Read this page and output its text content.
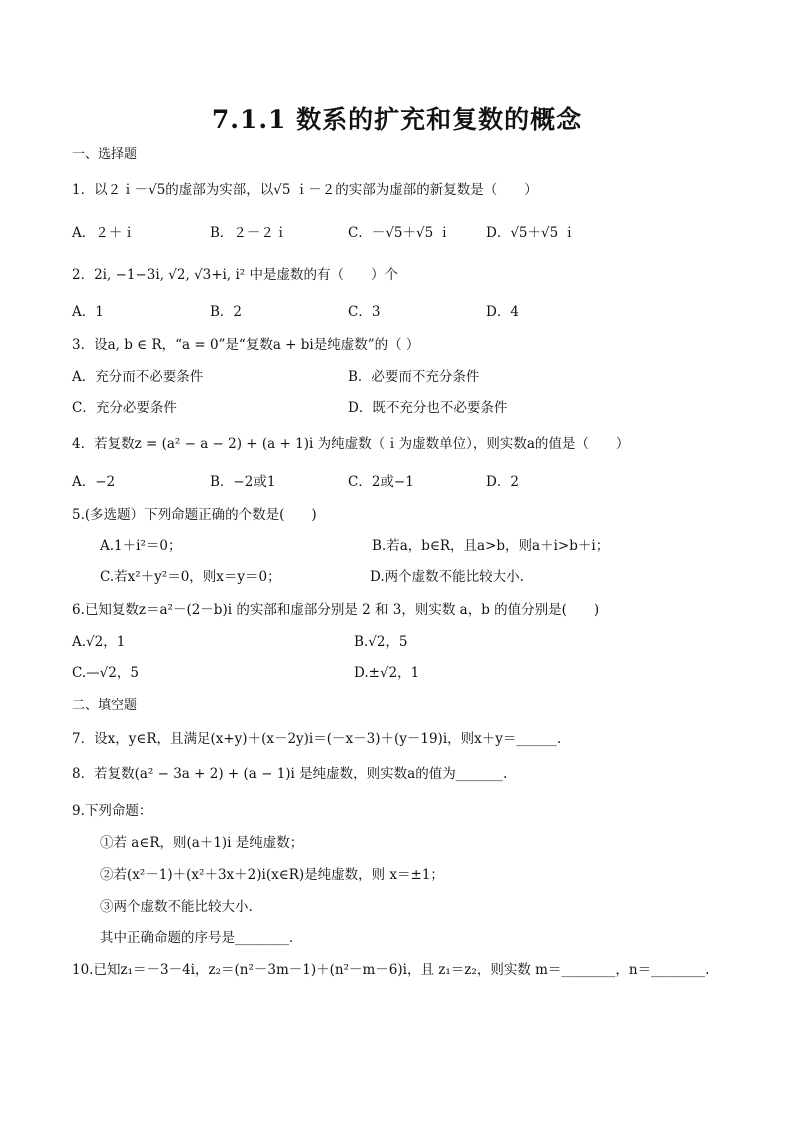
7.1.1 数系的扩充和复数的概念
一、选择题
1．以２ｉ－√5的虚部为实部，以√5 ｉ－２的实部为虚部的新复数是（　　）
A．２＋ｉ	B．２－２ｉ	C．－√5＋√5 ｉ	D．√5＋√5 ｉ
2．2i, −1−3i, √2, √3+i, i² 中是虚数的有（　　）个
A．1	B．2	C．3	D．4
3．设a, b ∈ R，“a = 0”是“复数a + bi是纯虚数”的（ ）
A．充分而不必要条件	B．必要而不充分条件
C．充分必要条件	D．既不充分也不必要条件
4．若复数z = (a² − a − 2) + (a + 1)i 为纯虚数（ｉ为虚数单位），则实数a的值是（　　）
A．−2	B．−2或1	C．2或−1	D．2
5.(多选题）下列命题正确的个数是(　　)
A.1＋i²＝0；	B.若a，b∈R，且a>b，则a＋i>b＋i；
C.若x²＋y²＝0，则x＝y＝0；	D.两个虚数不能比较大小.
6.已知复数z＝a²－(2－b)i 的实部和虚部分别是 2 和 3，则实数 a，b 的值分别是(　　)
A.√2，1	B.√2，5
C.—√2，5	D.±√2，1
二、填空题
7．设x，y∈R，且满足(x+y)＋(x－2y)i＝(－x－3)＋(y－19)i，则x＋y＝______.
8．若复数(a² − 3a + 2) + (a − 1)i 是纯虚数，则实数a的值为_______.
9.下列命题：
①若 a∈R，则(a＋1)i 是纯虚数；
②若(x²－1)＋(x²＋3x＋2)i(x∈R)是纯虚数，则 x＝±1；
③两个虚数不能比较大小.
其中正确命题的序号是________．
10.已知z₁＝－3－4i，z₂＝(n²－3m－1)＋(n²－m－6)i，且 z₁＝z₂，则实数 m＝________，n＝________.
